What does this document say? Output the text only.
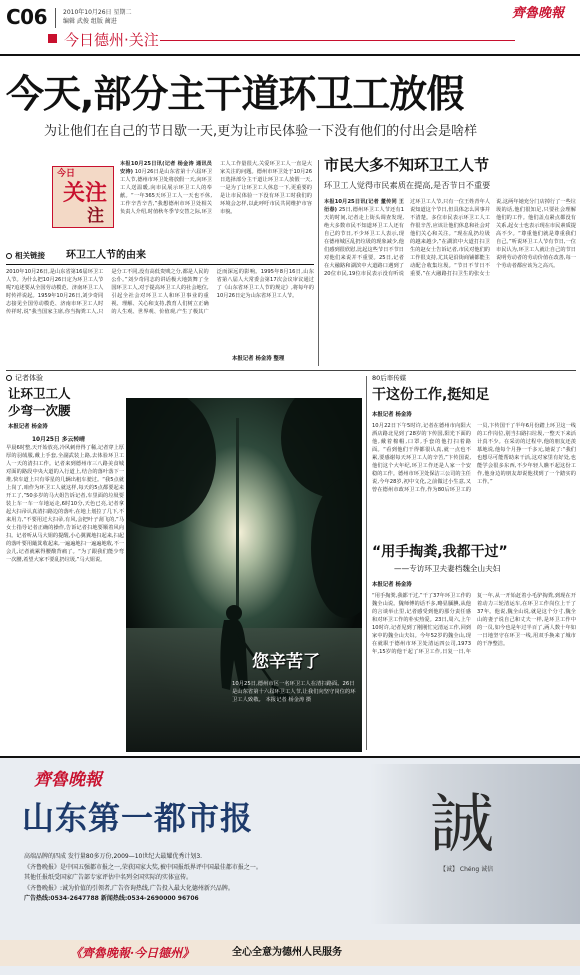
C06	2010年10月26日 星期二
编辑 武俊 组版 蔺进
今日德州·关注
齊魯晚報
今天,部分主干道环卫工放假
为让他们在自己的节日歇一天,更为让市民体验一下没有他们的付出会是啥样
今日
关注
注
本报10月25日讯(记者 杨金涛 通讯员 安涛) 10月26日是山东省第十六届环卫工人节,德州市环卫处将放假一天,向环卫工人送温暖,向市民展示环卫工人的奉献。“一年365天环卫工人一天也不休,工作辛苦辛苦,”我想德州市环卫处相关负责人介绍,时值秋冬季节交替之际,环卫工人工作量很大,关爱环卫工人一直是大家关注的问题。德州市环卫处于10月26日选择部分主干道让环卫工人放假一天,一是为了让环卫工人休息一下,更重要的是让市民体验一下没有环卫工时我们的环境会怎样,以此呼吁市民共同维护市容市貌。
相关链接 环卫工人节的由来
2010年10月26日,是山东省第16届环卫工人节。为什么把10月26日定为环卫工人节呢?追述要从全国劳动模范、济南环卫工人时传祥说起。1959年10月26日,刘少奇同志接见全国劳动模范、济南市环卫工人时传祥时,说“我当国家主席,你当掏粪工人,只是分工不同,没有高低贵贱之分,都是人民的公仆。”刘少奇同志的讲话极大地鼓舞了全国环卫工人,对于提高环卫工人的社会地位,引起全社会对环卫工人和环卫事业的重视、理解、关心和支持,教育人们树立正确的人生观、世界观、价值观,产生了极其广泛而深远的影响。1995年8月16日,山东省第八届人大常委会第17次会议审议通过了《山东省环卫工人节的规定》,将每年的10月26日定为山东省环卫工人节。
本报记者 杨金涛 整理
市民大多不知环卫工人节
环卫工人觉得市民素质在提高,是否节日不重要
本报10月25日讯(记者 董传同 王衍春) 25日,德州环卫工人节还有1天的时间,记者走上街头调查发现,绝大多数市民不知道环卫工人还有自己的节日,不少环卫工人表示,现在德州城区乱扔垃圾的现象减少,他们感到很欣慰,比起这些节日不节日对他们来说并不重要。25日,记者在大融路和湖滨中大道路口遇到了20位市民,19位市民表示没有听说过环卫工人节,只有一位王姓青年人说知道这个节日,但具体怎么回事并不清楚。多位市民表示环卫工人工作很辛苦,应该让他们休息和社会对他们关心和关注。“现在乱扔垃圾的越来越少,”在湖滨中大道打扫卫生的赵女士告诉记者,市民对他们的工作很支持,尤其是沿街商铺都能主动配合收集垃圾。“节日不节日不重要,”在大融路打扫卫生的张女士说,这两年她充分门店掉行了一些垃圾的话,他们很知足,只要社会理解他们的工作。他们盖点紧点都没有关系,起女士也表示现在市民素质提高不少。“尊重他们就是尊重我们自己。”听说环卫工人节有节日,一位市民认为,环卫工人就让自己的节日说明劳动者的劳动价值在改善,每一个劳动者都应该为之高兴。
记者体验
让环卫工人
少弯一次腰
本报记者 杨金涛
10月25日 多云转晴
早晨6时整,天开始放亮,冷风刺骨得了稀,记者穿上厚厚的羽绒服,戴上手套,全副武装上路,去体验环卫工人一天的清扫工作。记者来到德州市三八路美食城对面的路段中央大道的入行道上,结合的落叶落下一堆,快车道上只有零星的几辆出租车驶过。“我5点就上岗了,咱作为环卫工人就这样,每天的5点都要起来开工了,”50多岁的马大姐告诉记者,车里面的垃圾要装上车一车一车地运走,6时10分,天色已亮,记者拿起大扫帚认真清扫路边的落叶,在地上划拉了几下,不来用力,“不要用过大扫帚,有风,会把叶子刮飞的,”马女士指导记者正确的操作,告诉记者扫地要顺着风向扫。记者听从马大姐的提醒,小心翼翼地扫起来,扫起的落叶要用簸箕收起来,一遍遍地扫一遍遍地收,不一会儿,记者就累得腰酸背痛了。“为了跟我们能少弯一次腰,希望大家不要乱扔垃圾,”马大姐说。
您辛苦了
10月25日,德州市区一名环卫工人在清扫路面。26日是山东省第十六届环卫工人节,让我们向坚守岗位的环卫工人致敬。 本报记者 杨金涛 摄
80后率传媒
干这份工作,挺知足
本报记者 杨金涛
10月22日下午5时许,记者在德州市向阳大酒店路北见到了28岁的卞传国,阳光下面的他,戴着棉帽,口罩,手套的他打扫着路面。“看到他们干得都很认真,就一点也不累,要感谢每天环卫工人的辛苦,”卞传国说,他们这个大年纪,环卫工作还是人家一个安稳的工作。德州市环卫处保洁三公司的主任说,今年28岁,初中文化,之前做过小生意,又曾在德州市政环卫工作,作为80后环卫工的一员,卞传国干了半年6月份踏上环卫这一线的工作岗位,别当扫路扫垃圾,一整天下来活计真不少。在采访的过程中,他的朋友还羡慕地说,他每个月挣一千多元,她说了:“我们也想尽可能帮助来干活,这对家里有好处,也能学会很多东西,不少年轻人瞧不起这份工作,他身边的朋友却说他找到了一个踏实的工作。”
“用手掏粪,我都干过”
——专访环卫夫妻档魏全山夫妇
本报记者 杨金涛
“用手掏粪,我都干过,”干了37年环卫工作的魏全山说。魏师傅的话不多,略显腼腆,从他的言谈举止里,记者感受到他的那分责任感和对环卫工作的朴实热爱。23日,周六,上午10时许,记者见到了刚刚忙完清运工作,回到家中的魏全山夫妇。今年52岁的魏全山,现在就职于德州市环卫处清运四公司,1973年,15岁的他干起了环卫工作,日复一日,年复一年,从一开始赶着小毛驴掏粪,到现在开着动力三轮清运车,在环卫工作岗位上干了37年。他说,魏全山说,就是这个分寸,魏全山的妻子说自己和丈夫一样,是环卫工作中的一员,如今也是年过半百了,两人数十年如一日地坚守在环卫一线,用双手换来了城市的干净整洁。
齊魯晚報
山东第一都市报
高端品牌的四成 发行量80多万份,2009—10世纪大最耀优秀计划3.
《齐鲁晚报》是中国五强都市报之一,荣获国家大奖,被中国报纸界评中国最佳都市报之一。
其他任报纸受国家广告部专家评估中名列全国实际的实体宣传。
《齐鲁晚报》:诚为价值的引领者,广告咨询热线,广告投入最大化德州新兴品牌。
广告热线:0534-2647788 新闻热线:0534-2690000 96706
誠
【诚】 Chéng 诚信
《齊魯晚報·今日德州》	全心全意为德州人民服务
